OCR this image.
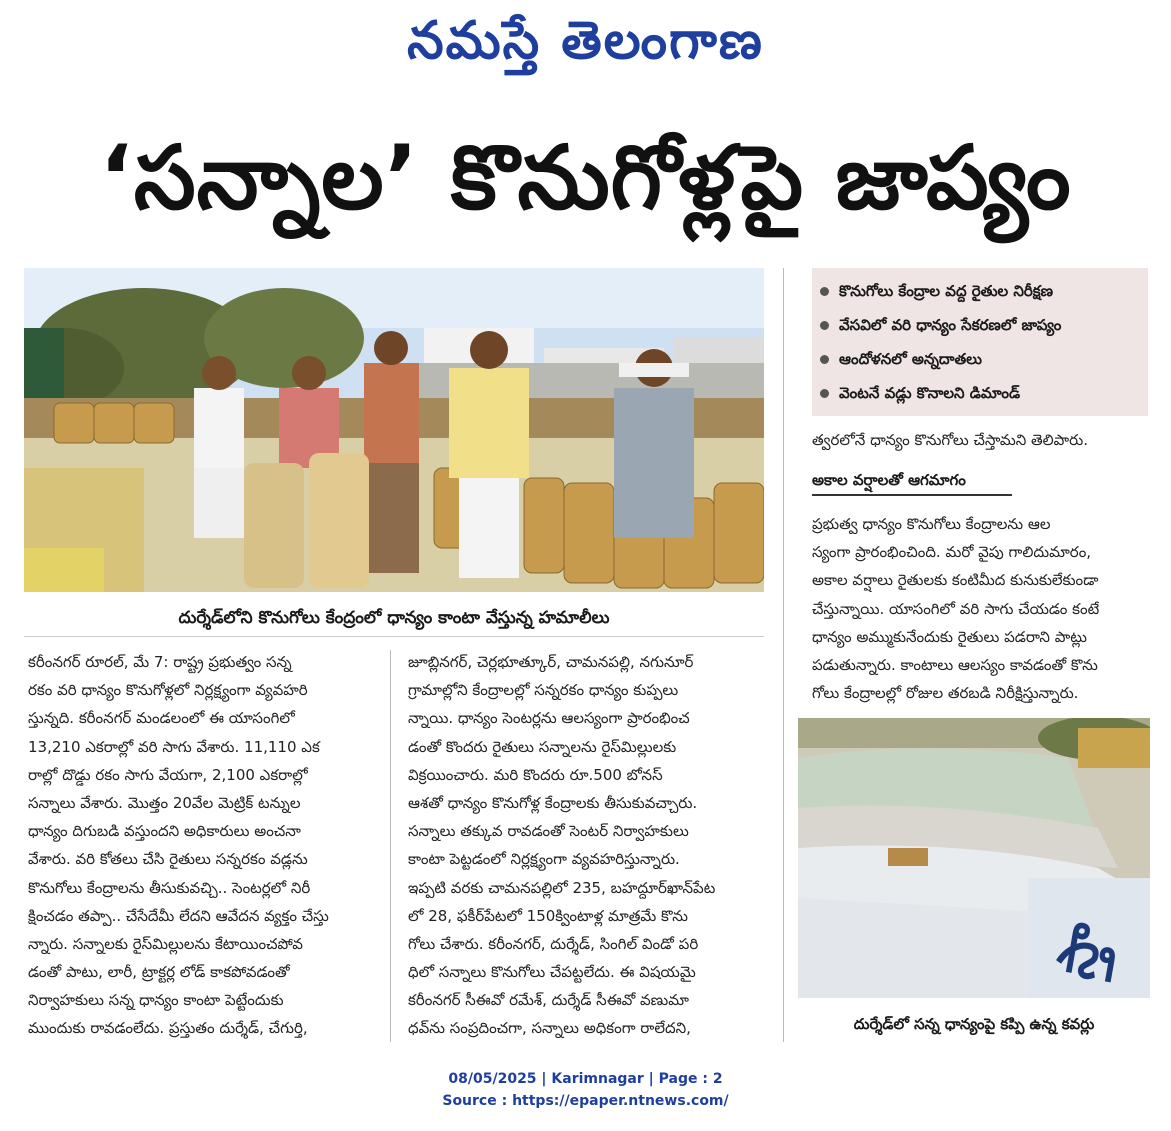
నమస్తే తెలంగాణ
‘సన్నాల’ కొనుగోళ్లపై జాప్యం
దుర్శేడ్‌లోని కొనుగోలు కేంద్రంలో ధాన్యం కాంటా వేస్తున్న హమాలీలు
కొనుగోలు కేంద్రాల వద్ద రైతుల నిరీక్షణ
వేసవిలో వరి ధాన్యం సేకరణలో జాప్యం
ఆందోళనలో అన్నదాతలు
వెంటనే వడ్లు కొనాలని డిమాండ్
త్వరలోనే ధాన్యం కొనుగోలు చేస్తామని తెలిపారు.
అకాల వర్షాలతో ఆగమాగం
ప్రభుత్వ ధాన్యం కొనుగోలు కేంద్రాలను ఆల
స్యంగా ప్రారంభించింది. మరో వైపు గాలిదుమారం,
అకాల వర్షాలు రైతులకు కంటిమీద కునుకులేకుండా
చేస్తున్నాయి. యాసంగిలో వరి సాగు చేయడం కంటే
ధాన్యం అమ్ముకునేందుకు రైతులు పడరాని పాట్లు
పడుతున్నారు. కాంటాలు ఆలస్యం కావడంతో కొను
గోలు కేంద్రాలల్లో రోజుల తరబడి నిరీక్షిస్తున్నారు.
కరీంనగర్ రూరల్, మే 7: రాష్ట్ర ప్రభుత్వం సన్న
రకం వరి ధాన్యం కొనుగోళ్లలో నిర్లక్ష్యంగా వ్యవహరి
స్తున్నది. కరీంనగర్ మండలంలో ఈ యాసంగిలో
13,210 ఎకరాల్లో వరి సాగు వేశారు. 11,110 ఎక
రాల్లో దొడ్డు రకం సాగు వేయగా, 2,100 ఎకరాల్లో
సన్నాలు వేశారు. మొత్తం 20వేల మెట్రిక్ టన్నుల
ధాన్యం దిగుబడి వస్తుందని అధికారులు అంచనా
వేశారు. వరి కోతలు చేసి రైతులు సన్నరకం వడ్లను
కొనుగోలు కేంద్రాలను తీసుకువచ్చి.. సెంటర్లలో నిరీ
క్షించడం తప్పా.. చేసేదేమీ లేదని ఆవేదన వ్యక్తం చేస్తు
న్నారు. సన్నాలకు రైస్‌మిల్లులను కేటాయించపోవ
డంతో పాటు, లారీ, ట్రాక్టర్ల లోడ్ కాకపోవడంతో
నిర్వాహకులు సన్న ధాన్యం కాంటా పెట్టేందుకు
ముందుకు రావడంలేదు. ప్రస్తుతం దుర్శేడ్, చేగుర్తి,
జూబ్లినగర్, చెర్లభూత్కూర్, చామనపల్లి, నగునూర్
గ్రామాల్లోని కేంద్రాలల్లో సన్నరకం ధాన్యం కుప్పలు
న్నాయి. ధాన్యం సెంటర్లను ఆలస్యంగా ప్రారంభించ
డంతో కొందరు రైతులు సన్నాలను రైస్‌మిల్లులకు
విక్రయించారు. మరి కొందరు రూ.500 బోనస్
ఆశతో ధాన్యం కొనుగోళ్ల కేంద్రాలకు తీసుకువచ్చారు.
సన్నాలు తక్కువ రావడంతో సెంటర్ నిర్వాహకులు
కాంటా పెట్టడంలో నిర్లక్ష్యంగా వ్యవహరిస్తున్నారు.
ఇప్పటి వరకు చామనపల్లిలో 235, బహద్దూర్‌ఖాన్‌పేట
లో 28, ఫకీర్‌పేటలో 150క్వింటాళ్ల మాత్రమే కొను
గోలు చేశారు. కరీంనగర్, దుర్శేడ్, సింగిల్ విండో పరి
ధిలో సన్నాలు కొనుగోలు చేపట్టలేదు. ఈ విషయమై
కరీంనగర్ సీఈవో రమేశ్, దుర్శేడ్ సీఈవో వణుమా
ధవ్‌ను సంప్రదించగా, సన్నాలు అధికంగా రాలేదని,
స్తా
దుర్శేడ్‌లో సన్న ధాన్యంపై కప్పి ఉన్న కవర్లు
08/05/2025 | Karimnagar | Page : 2
Source : https://epaper.ntnews.com/
